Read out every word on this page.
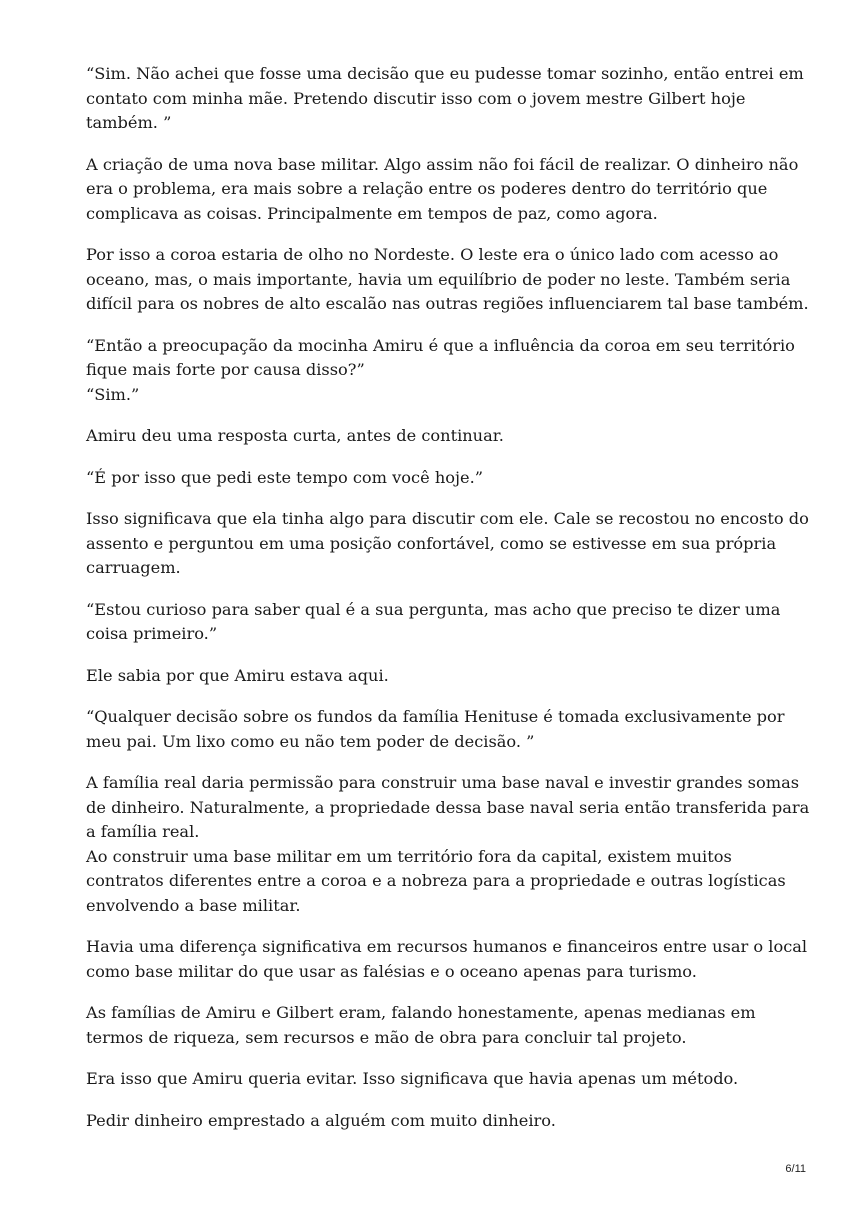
“Sim. Não achei que fosse uma decisão que eu pudesse tomar sozinho, então entrei em
contato com minha mãe. Pretendo discutir isso com o jovem mestre Gilbert hoje
também. ”

A criação de uma nova base militar. Algo assim não foi fácil de realizar. O dinheiro não
era o problema, era mais sobre a relação entre os poderes dentro do território que
complicava as coisas. Principalmente em tempos de paz, como agora.

Por isso a coroa estaria de olho no Nordeste. O leste era o único lado com acesso ao
oceano, mas, o mais importante, havia um equilíbrio de poder no leste. Também seria
difícil para os nobres de alto escalão nas outras regiões influenciarem tal base também.

“Então a preocupação da mocinha Amiru é que a influência da coroa em seu território
fique mais forte por causa disso?”
“Sim.”

Amiru deu uma resposta curta, antes de continuar.

“É por isso que pedi este tempo com você hoje.”

Isso significava que ela tinha algo para discutir com ele. Cale se recostou no encosto do
assento e perguntou em uma posição confortável, como se estivesse em sua própria
carruagem.

“Estou curioso para saber qual é a sua pergunta, mas acho que preciso te dizer uma
coisa primeiro.”

Ele sabia por que Amiru estava aqui.

“Qualquer decisão sobre os fundos da família Henituse é tomada exclusivamente por
meu pai. Um lixo como eu não tem poder de decisão. ”

A família real daria permissão para construir uma base naval e investir grandes somas
de dinheiro. Naturalmente, a propriedade dessa base naval seria então transferida para
a família real.
Ao construir uma base militar em um território fora da capital, existem muitos
contratos diferentes entre a coroa e a nobreza para a propriedade e outras logísticas
envolvendo a base militar.

Havia uma diferença significativa em recursos humanos e financeiros entre usar o local
como base militar do que usar as falésias e o oceano apenas para turismo.

As famílias de Amiru e Gilbert eram, falando honestamente, apenas medianas em
termos de riqueza, sem recursos e mão de obra para concluir tal projeto.

Era isso que Amiru queria evitar. Isso significava que havia apenas um método.

Pedir dinheiro emprestado a alguém com muito dinheiro.

6/11
